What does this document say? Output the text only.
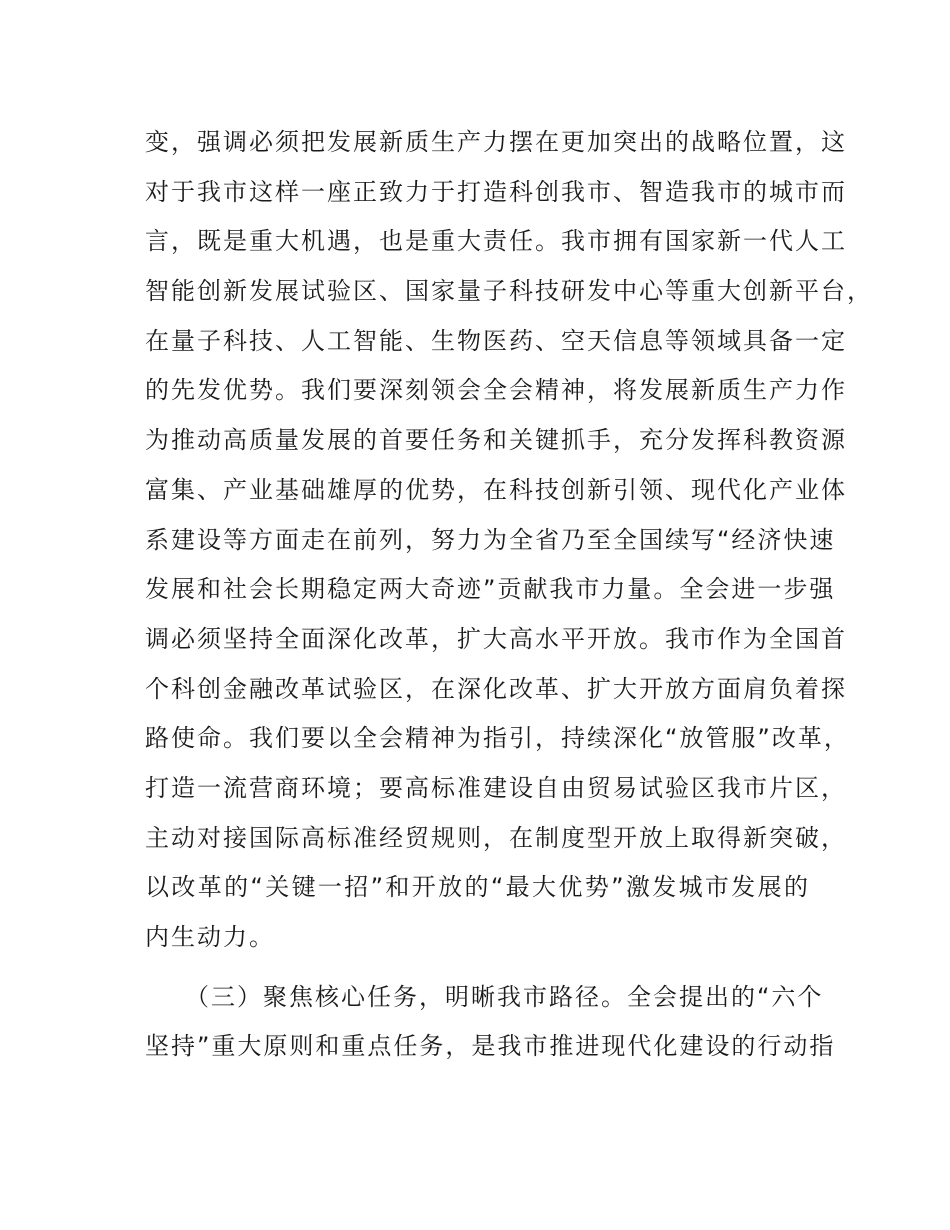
变，强调必须把发展新质生产力摆在更加突出的战略位置，这
对于我市这样一座正致力于打造科创我市、智造我市的城市而
言，既是重大机遇，也是重大责任。我市拥有国家新一代人工
智能创新发展试验区、国家量子科技研发中心等重大创新平台，
在量子科技、人工智能、生物医药、空天信息等领域具备一定
的先发优势。我们要深刻领会全会精神，将发展新质生产力作
为推动高质量发展的首要任务和关键抓手，充分发挥科教资源
富集、产业基础雄厚的优势，在科技创新引领、现代化产业体
系建设等方面走在前列，努力为全省乃至全国续写“经济快速
发展和社会长期稳定两大奇迹”贡献我市力量。全会进一步强
调必须坚持全面深化改革，扩大高水平开放。我市作为全国首
个科创金融改革试验区，在深化改革、扩大开放方面肩负着探
路使命。我们要以全会精神为指引，持续深化“放管服”改革，
打造一流营商环境；要高标准建设自由贸易试验区我市片区，
主动对接国际高标准经贸规则，在制度型开放上取得新突破，
以改革的“关键一招”和开放的“最大优势”激发城市发展的
内生动力。
（三）聚焦核心任务，明晰我市路径。全会提出的“六个
坚持”重大原则和重点任务，是我市推进现代化建设的行动指
